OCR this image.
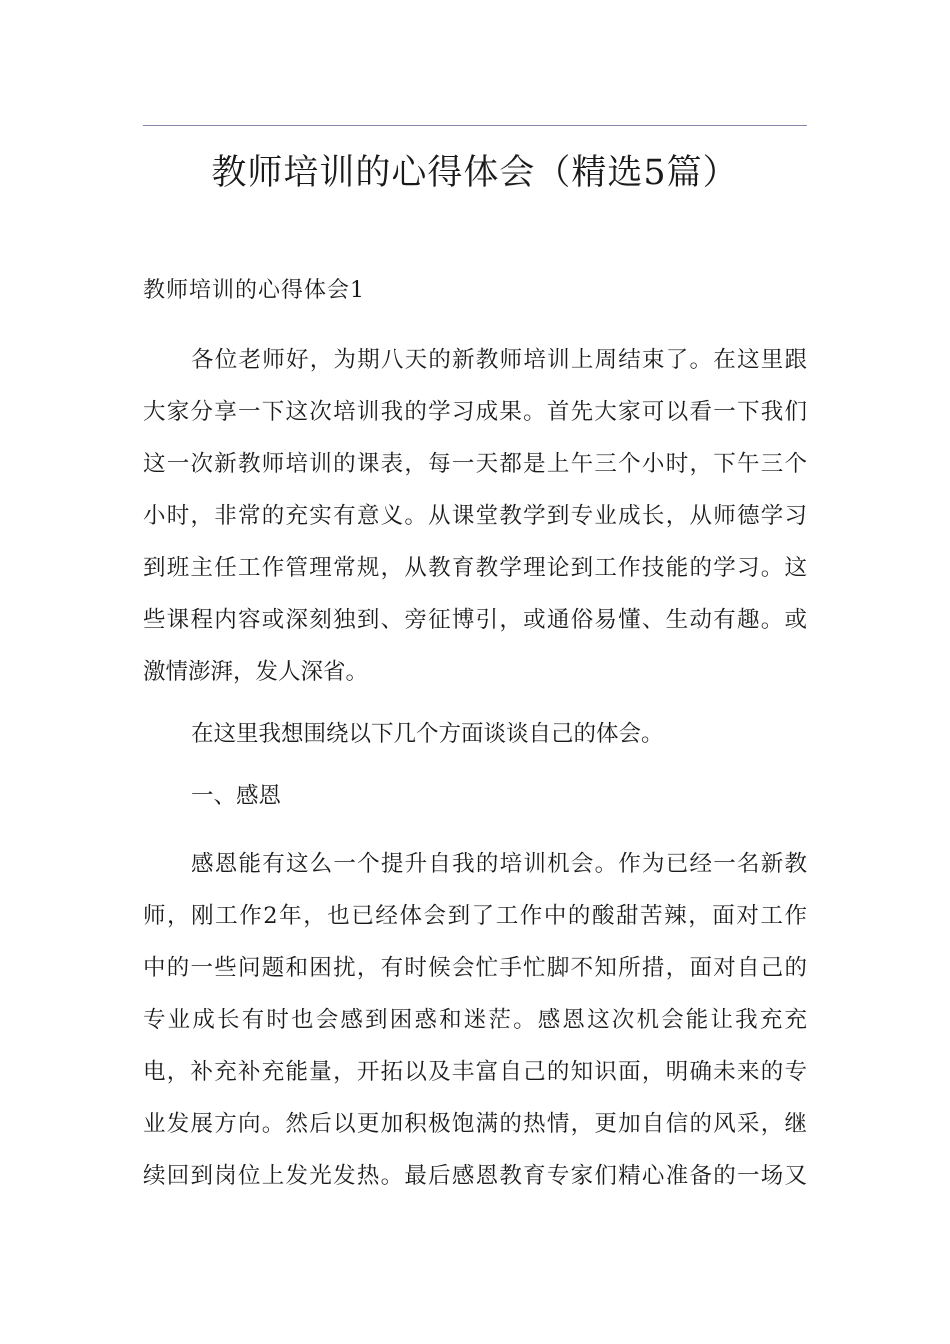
教师培训的心得体会（精选5篇）
教师培训的心得体会1
各位老师好，为期八天的新教师培训上周结束了。在这里跟
大家分享一下这次培训我的学习成果。首先大家可以看一下我们
这一次新教师培训的课表，每一天都是上午三个小时，下午三个
小时，非常的充实有意义。从课堂教学到专业成长，从师德学习
到班主任工作管理常规，从教育教学理论到工作技能的学习。这
些课程内容或深刻独到、旁征博引，或通俗易懂、生动有趣。或
激情澎湃，发人深省。
在这里我想围绕以下几个方面谈谈自己的体会。
一、感恩
感恩能有这么一个提升自我的培训机会。作为已经一名新教
师，刚工作2年，也已经体会到了工作中的酸甜苦辣，面对工作
中的一些问题和困扰，有时候会忙手忙脚不知所措，面对自己的
专业成长有时也会感到困惑和迷茫。感恩这次机会能让我充充
电，补充补充能量，开拓以及丰富自己的知识面，明确未来的专
业发展方向。然后以更加积极饱满的热情，更加自信的风采，继
续回到岗位上发光发热。最后感恩教育专家们精心准备的一场又
